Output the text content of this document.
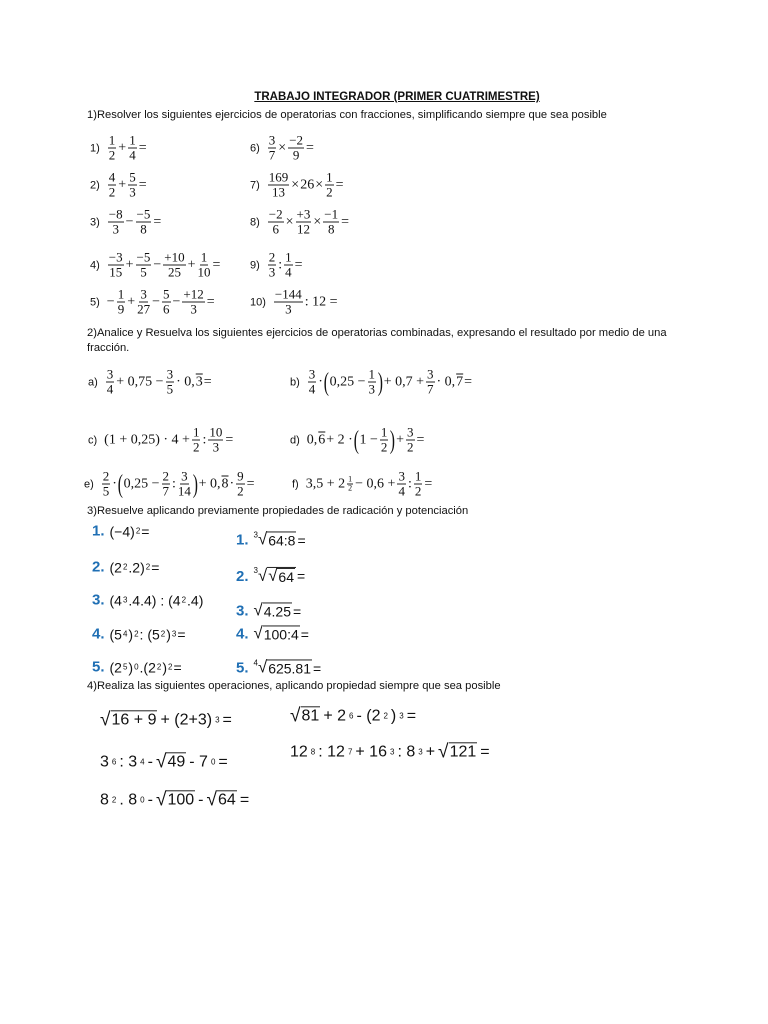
TRABAJO INTEGRADOR (PRIMER CUATRIMESTRE)
1)Resolver los siguientes ejercicios de operatorias con fracciones, simplificando siempre que sea posible
2)Analice y Resuelva los siguientes ejercicios de operatorias combinadas, expresando el resultado por medio de una fracción.
3)Resuelve aplicando previamente propiedades de radicación y potenciación
4)Realiza las siguientes operaciones, aplicando propiedad siempre que sea posible
$1) \frac{1}{2} + \frac{1}{4}$ =
$2) \frac{4}{2} + \frac{5}{3}$ =
$3) \frac{-8}{3} - \frac{-5}{8}$ =
$4) \frac{-3}{15} + \frac{-5}{5} - \frac{+10}{25} + \frac{1}{10}$ =
$5) - \frac{1}{9} + \frac{3}{27} - \frac{5}{6} - \frac{+12}{3}$ =
$6) \frac{3}{7} \times \frac{-2}{9}$ =
$7) \frac{169}{13} \times 26 \times \frac{1}{2}$ =
$8) \frac{-2}{6} \times \frac{+3}{12} \times \frac{-1}{8}$ =
$9) \frac{2}{3}$ : $\frac{1}{4}$ =
$10) \frac{-144}{3}$ : 12 =
$a) \frac{3}{4} + 0,75 - \frac{3}{5} \cdot 0$, 3 =	$b) \frac{3}{4}$ · ( $0,25 - \frac{1}{3}$ ) + $0,7 + \frac{3}{7} \cdot 0$, 7 =
c) $(1 + 0,25) \cdot 4 + \frac{1}{2}$ : $\frac{10}{3}$ =	d) 0, 6 + 2 · ( $1 - \frac{1}{2}$ ) + $\frac{3}{2}$ =
$e) \frac{2}{5}$ · ( $0,25 - \frac{2}{7}$ : $\frac{3}{14}$ ) + 0, $8 \cdot \frac{9}{2}$ =	f) $3,5 + 2 \frac{1}{2} - 0,6 + \frac{3}{4}$ : $\frac{1}{2}$ =
1. (−4) 2 =
2. (2 2 .2) 2 =
3. (4 3 .4.4) : (4 2 .4)
4. (5 4 ) 2 : (5 2 ) 3 =
5. (2 5 ) 0 .(2 2 ) 2 =
1. 3 √ 64:8 =
2. 3 √ √ 64 =
3. √ 4.25 =
4. √ 100:4 =
5. 4 √ 625.81 =
√ 16 + 9 + (2+3) 3 =	√ 81 + 2 6 - (2 2 ) 3 =
3 6 : 3 4 - √ 49 - 7 0 =
12 8 : 12 7 + 16 3 : 8 3 + √ 121 =
8 2 . 8 0 - √ 100 - √ 64 =
